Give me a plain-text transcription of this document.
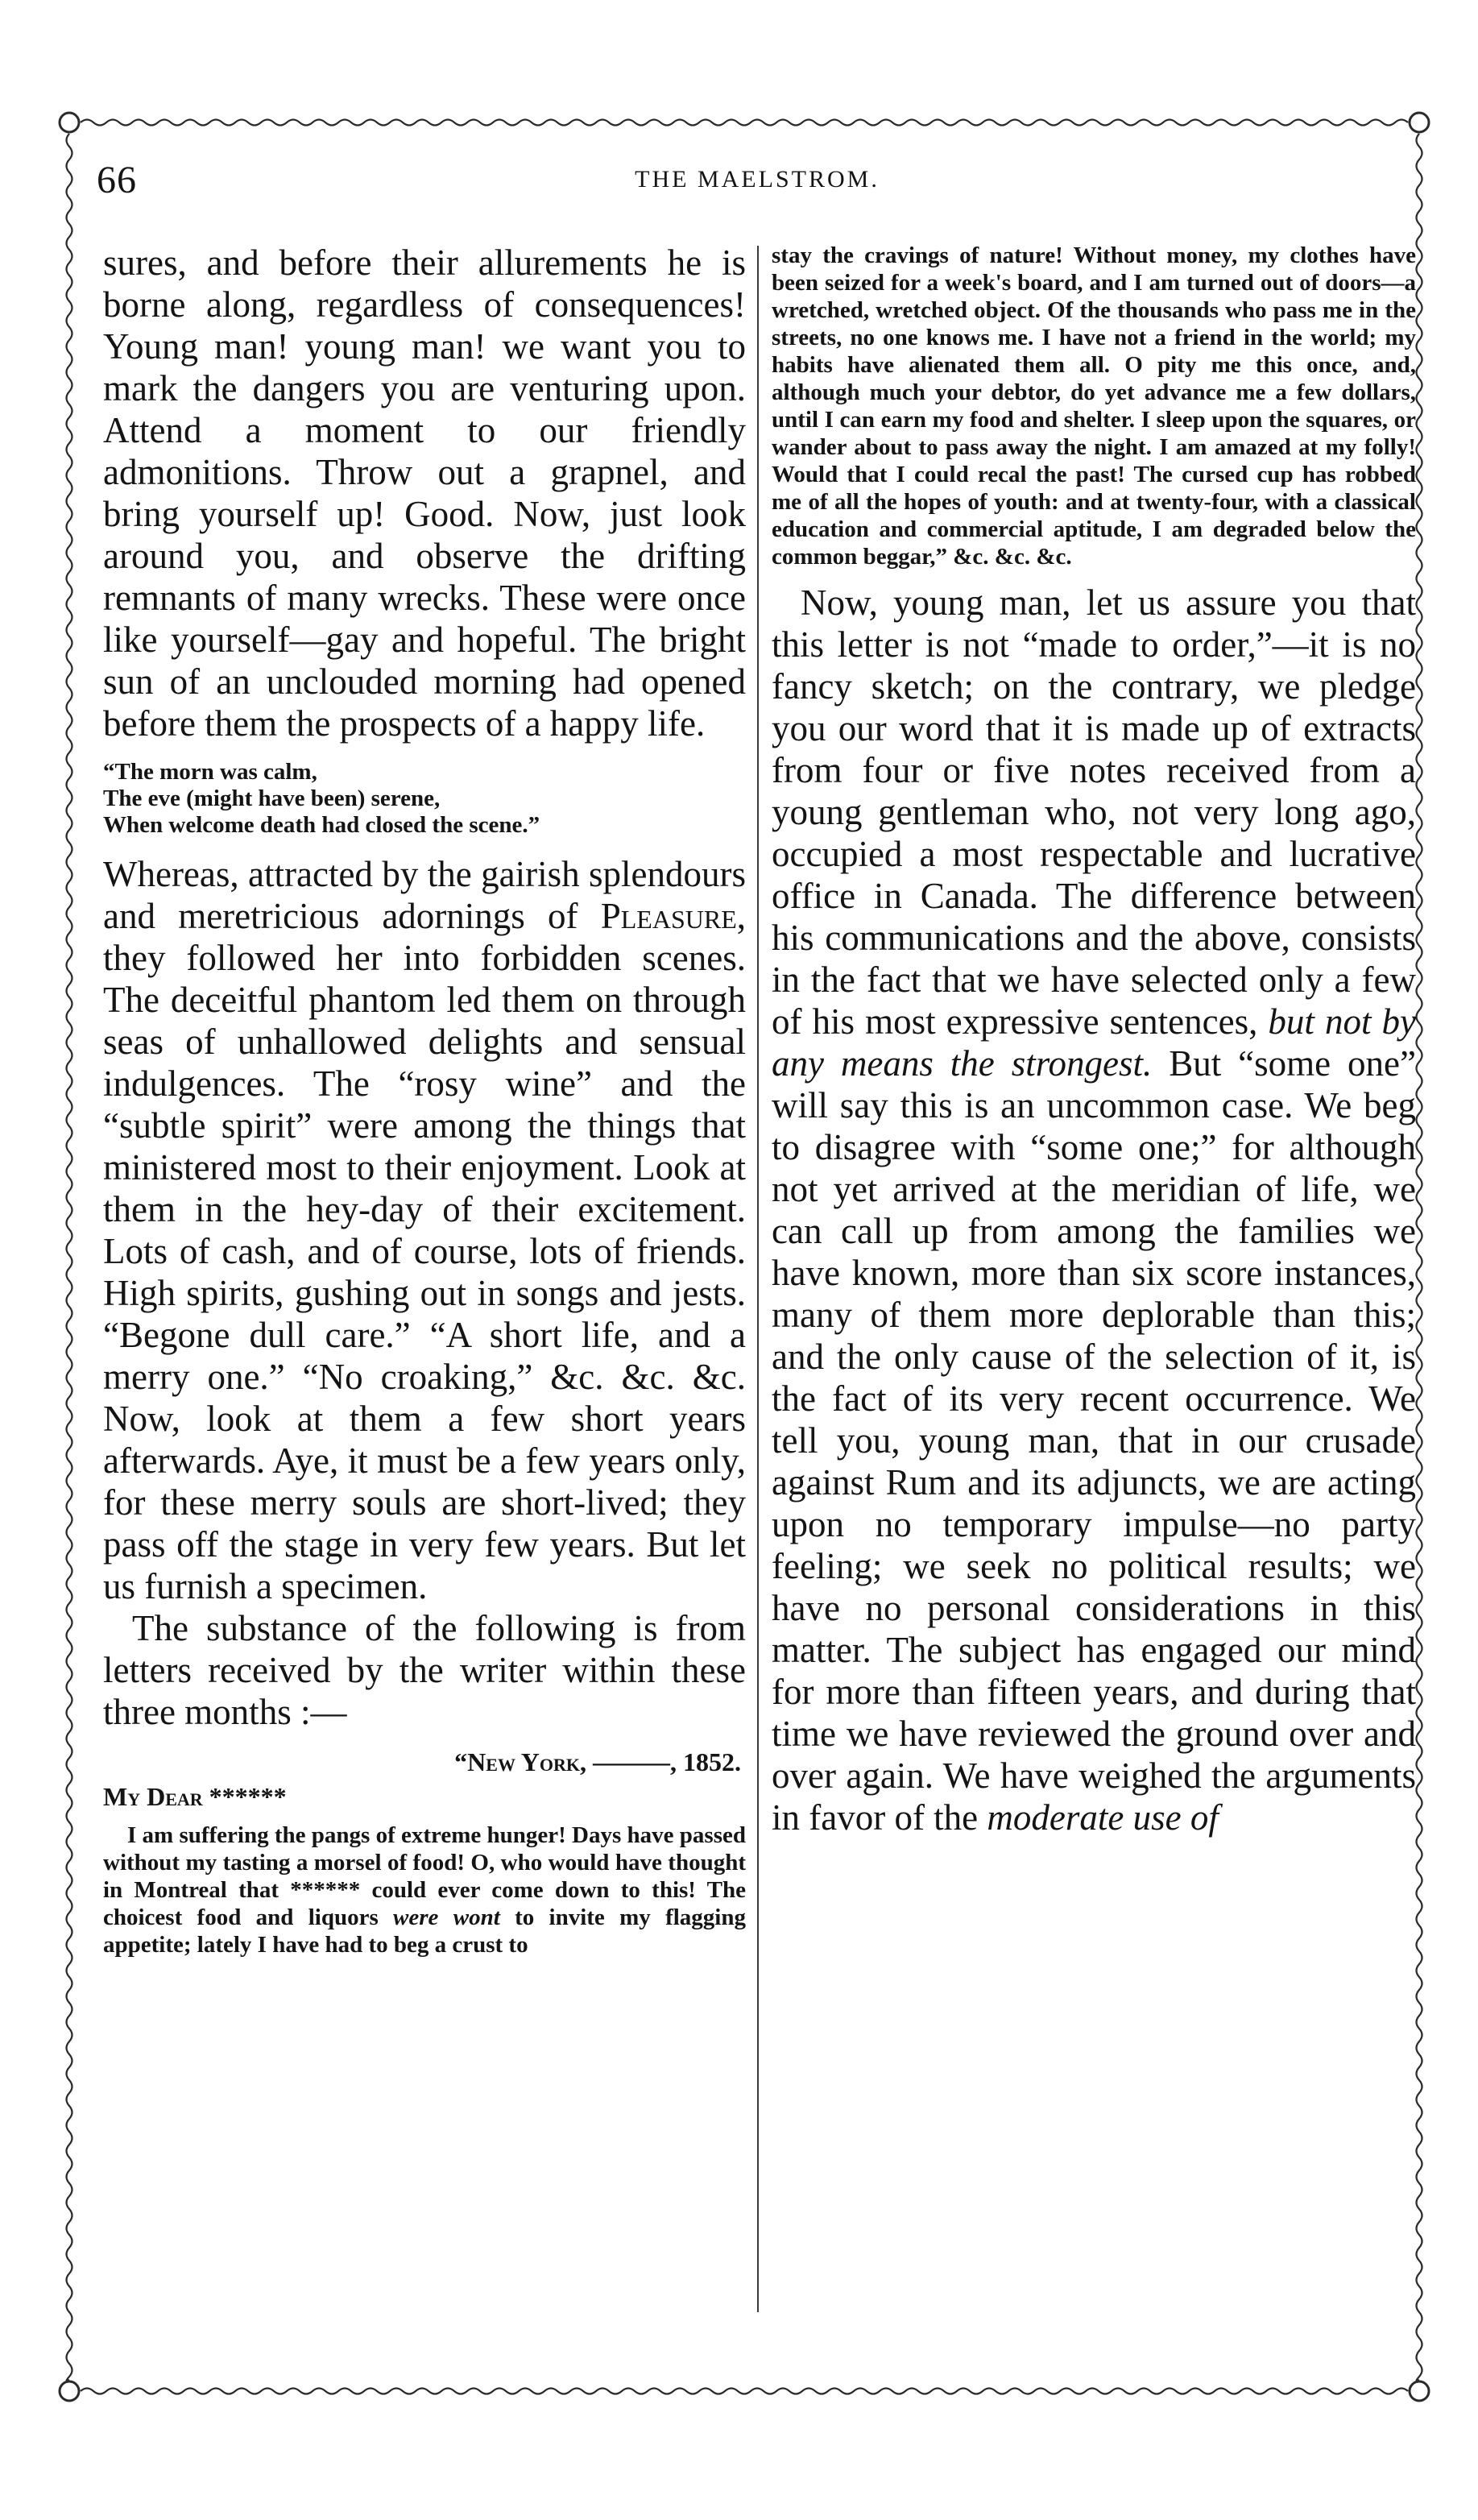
66	THE MAELSTROM.

sures, and before their allurements he is borne along, regardless of consequences! Young man! young man! we want you to mark the dangers you are venturing upon. Attend a moment to our friendly admonitions. Throw out a grapnel, and bring yourself up! Good. Now, just look around you, and observe the drifting remnants of many wrecks. These were once like yourself—gay and hopeful. The bright sun of an unclouded morning had opened before them the prospects of a happy life.

“The morn was calm,
The eve (might have been) serene,
When welcome death had closed the scene.”

Whereas, attracted by the gairish splendours and meretricious adornings of Pleasure, they followed her into forbidden scenes. The deceitful phantom led them on through seas of unhallowed delights and sensual indulgences. The “rosy wine” and the “subtle spirit” were among the things that ministered most to their enjoyment. Look at them in the hey-day of their excitement. Lots of cash, and of course, lots of friends. High spirits, gushing out in songs and jests. “Begone dull care.” “A short life, and a merry one.” “No croaking,” &c. &c. &c. Now, look at them a few short years afterwards. Aye, it must be a few years only, for these merry souls are short-lived; they pass off the stage in very few years. But let us furnish a specimen.

The substance of the following is from letters received by the writer within these three months :—

“New York, ———, 1852.
My Dear ******

I am suffering the pangs of extreme hunger! Days have passed without my tasting a morsel of food! O, who would have thought in Montreal that ****** could ever come down to this! The choicest food and liquors were wont to invite my flagging appetite; lately I have had to beg a crust to

stay the cravings of nature! Without money, my clothes have been seized for a week's board, and I am turned out of doors—a wretched, wretched object. Of the thousands who pass me in the streets, no one knows me. I have not a friend in the world; my habits have alienated them all. O pity me this once, and, although much your debtor, do yet advance me a few dollars, until I can earn my food and shelter. I sleep upon the squares, or wander about to pass away the night. I am amazed at my folly! Would that I could recal the past! The cursed cup has robbed me of all the hopes of youth: and at twenty-four, with a classical education and commercial aptitude, I am degraded below the common beggar,” &c. &c. &c.

Now, young man, let us assure you that this letter is not “made to order,”—it is no fancy sketch; on the contrary, we pledge you our word that it is made up of extracts from four or five notes received from a young gentleman who, not very long ago, occupied a most respectable and lucrative office in Canada. The difference between his communications and the above, consists in the fact that we have selected only a few of his most expressive sentences, but not by any means the strongest. But “some one” will say this is an uncommon case. We beg to disagree with “some one;” for although not yet arrived at the meridian of life, we can call up from among the families we have known, more than six score instances, many of them more deplorable than this; and the only cause of the selection of it, is the fact of its very recent occurrence. We tell you, young man, that in our crusade against Rum and its adjuncts, we are acting upon no temporary impulse—no party feeling; we seek no political results; we have no personal considerations in this matter. The subject has engaged our mind for more than fifteen years, and during that time we have reviewed the ground over and over again. We have weighed the arguments in favor of the moderate use of
